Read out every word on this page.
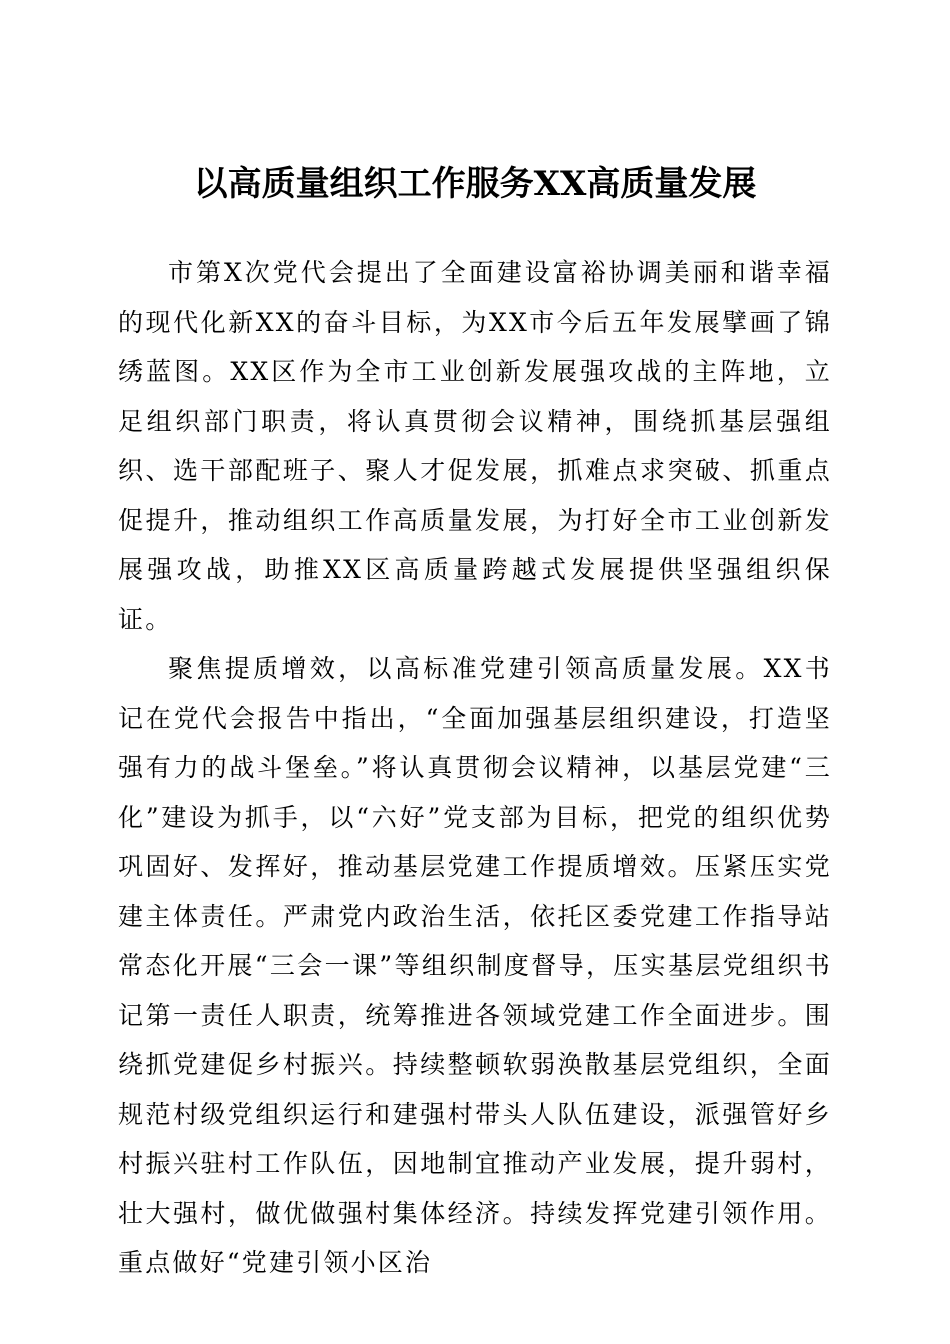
以高质量组织工作服务XX高质量发展

市第X次党代会提出了全面建设富裕协调美丽和谐幸福的现代化新XX的奋斗目标，为XX市今后五年发展擘画了锦绣蓝图。XX区作为全市工业创新发展强攻战的主阵地，立足组织部门职责，将认真贯彻会议精神，围绕抓基层强组织、选干部配班子、聚人才促发展，抓难点求突破、抓重点促提升，推动组织工作高质量发展，为打好全市工业创新发展强攻战，助推XX区高质量跨越式发展提供坚强组织保证。

聚焦提质增效，以高标准党建引领高质量发展。XX书记在党代会报告中指出，“全面加强基层组织建设，打造坚强有力的战斗堡垒。”将认真贯彻会议精神，以基层党建“三化”建设为抓手，以“六好”党支部为目标，把党的组织优势巩固好、发挥好，推动基层党建工作提质增效。压紧压实党建主体责任。严肃党内政治生活，依托区委党建工作指导站常态化开展“三会一课”等组织制度督导，压实基层党组织书记第一责任人职责，统筹推进各领域党建工作全面进步。围绕抓党建促乡村振兴。持续整顿软弱涣散基层党组织，全面规范村级党组织运行和建强村带头人队伍建设，派强管好乡村振兴驻村工作队伍，因地制宜推动产业发展，提升弱村，壮大强村，做优做强村集体经济。持续发挥党建引领作用。重点做好“党建引领小区治
